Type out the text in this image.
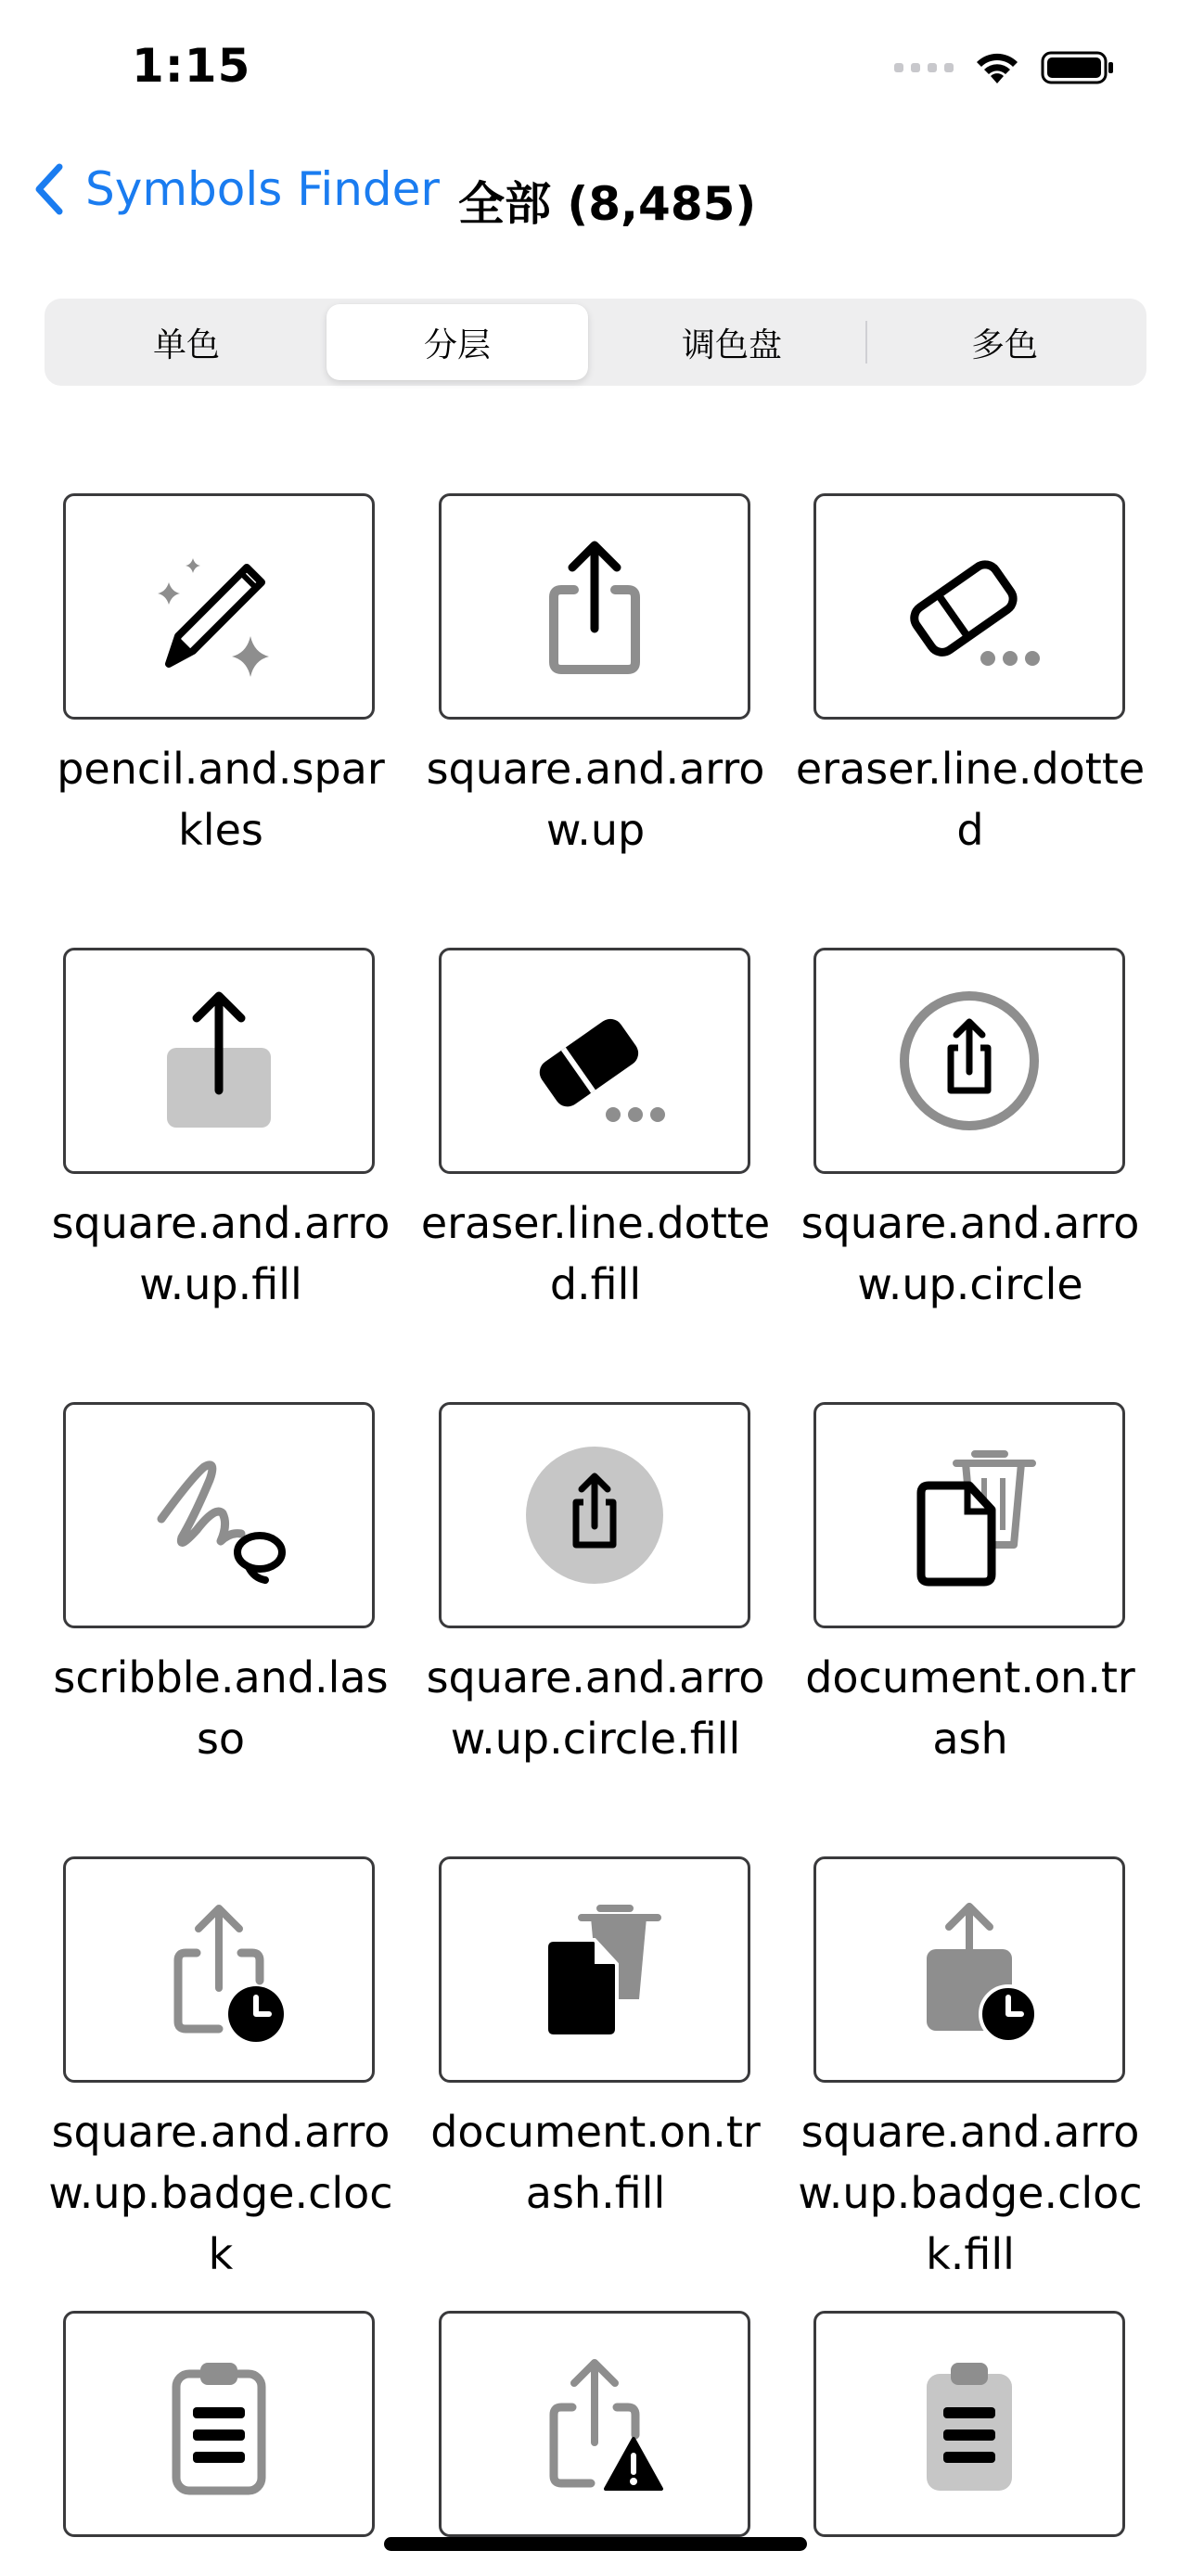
1:15
Symbols Finder 全部 (8,485)
单色	分层	调色盘	多色
pencil.and.sparkles
square.and.arrow.up
eraser.line.dotted
square.and.arrow.up.fill
eraser.line.dotted.fill
square.and.arrow.up.circle
scribble.and.lasso
square.and.arrow.up.circle.fill
document.on.trash
square.and.arrow.up.badge.clock
document.on.trash.fill
square.and.arrow.up.badge.clock.fill
